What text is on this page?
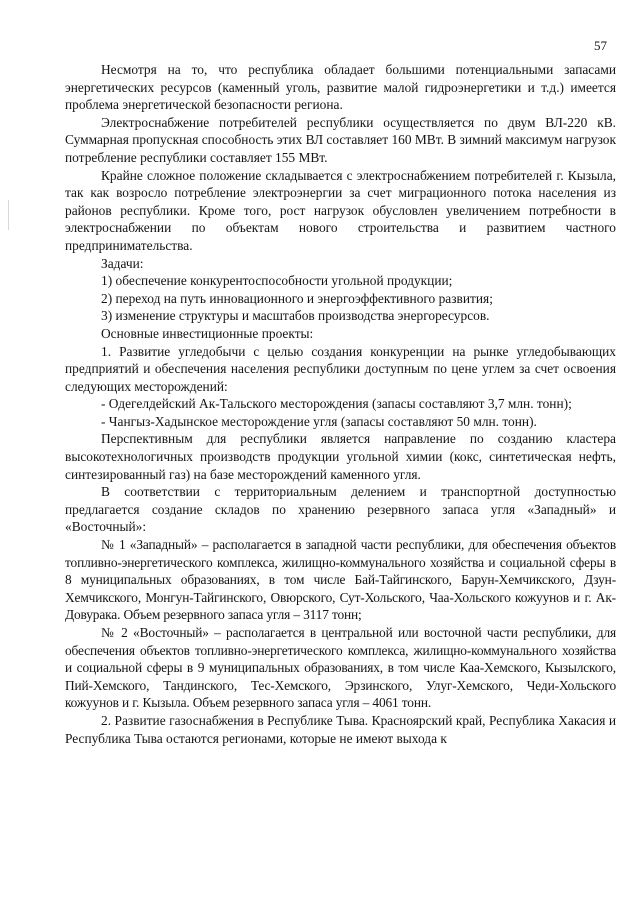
57

Несмотря на то, что республика обладает большими потенциальными запасами энергетических ресурсов (каменный уголь, развитие малой гидроэнергетики и т.д.) имеется проблема энергетической безопасности региона.

Электроснабжение потребителей республики осуществляется по двум ВЛ-220 кВ. Суммарная пропускная способность этих ВЛ составляет 160 МВт. В зимний максимум нагрузок потребление республики составляет 155 МВт.

Крайне сложное положение складывается с электроснабжением потребителей г. Кызыла, так как возросло потребление электроэнергии за счет миграционного потока населения из районов республики. Кроме того, рост нагрузок обусловлен увеличением потребности в электроснабжении по объектам нового строительства и развитием частного предпринимательства.

Задачи:

1) обеспечение конкурентоспособности угольной продукции;

2) переход на путь инновационного и энергоэффективного развития;

3) изменение структуры и масштабов производства энергоресурсов.

Основные инвестиционные проекты:

1. Развитие угледобычи с целью создания конкуренции на рынке угледобывающих предприятий и обеспечения населения республики доступным по цене углем за счет освоения следующих месторождений:

- Одегелдейский Ак-Тальского месторождения (запасы составляют 3,7 млн. тонн);

- Чангыз-Хадынское месторождение угля (запасы составляют 50 млн. тонн).

Перспективным для республики является направление по созданию кластера высокотехнологичных производств продукции угольной химии (кокс, синтетическая нефть, синтезированный газ) на базе месторождений каменного угля.

В соответствии с территориальным делением и транспортной доступностью предлагается создание складов по хранению резервного запаса угля «Западный» и «Восточный»:

№ 1 «Западный» – располагается в западной части республики, для обеспечения объектов топливно-энергетического комплекса, жилищно-коммунального хозяйства и социальной сферы в 8 муниципальных образованиях, в том числе Бай-Тайгинского, Барун-Хемчикского, Дзун-Хемчикского, Монгун-Тайгинского, Овюрского, Сут-Хольского, Чаа-Хольского кожуунов и г. Ак-Довурака. Объем резервного запаса угля – 3117 тонн;

№ 2 «Восточный» – располагается в центральной или восточной части республики, для обеспечения объектов топливно-энергетического комплекса, жилищно-коммунального хозяйства и социальной сферы в 9 муниципальных образованиях, в том числе Каа-Хемского, Кызылского, Пий-Хемского, Тандинского, Тес-Хемского, Эрзинского, Улуг-Хемского, Чеди-Хольского кожуунов и г. Кызыла. Объем резервного запаса угля – 4061 тонн.

2. Развитие газоснабжения в Республике Тыва. Красноярский край, Республика Хакасия и Республика Тыва остаются регионами, которые не имеют выхода к
